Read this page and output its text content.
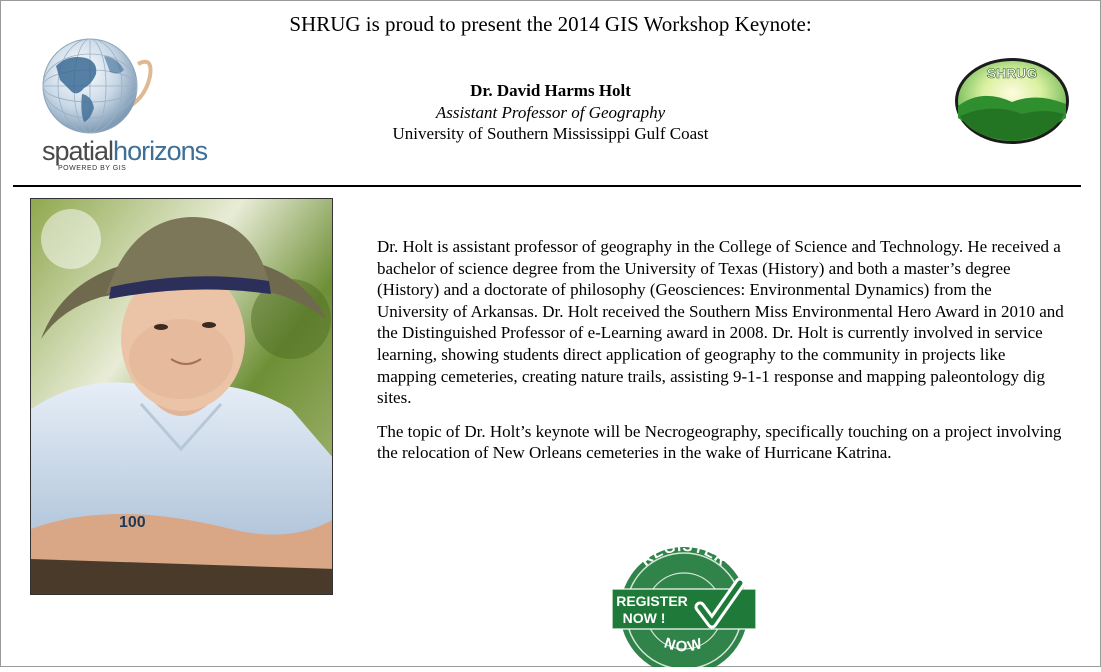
SHRUG is proud to present the 2014 GIS Workshop Keynote:
spatialhorizons
POWERED BY GIS
SHRUG
Dr. David Harms Holt
Assistant Professor of Geography
University of Southern Mississippi Gulf Coast
100

Dr. Holt is assistant professor of geography in the College of Science and Technology. He received a bachelor of science degree from the University of Texas (History) and both a master’s degree (History) and a doctorate of philosophy (Geosciences: Environmental Dynamics) from the University of Arkansas. Dr. Holt received the Southern Miss Environmental Hero Award in 2010 and the Distinguished Professor of e-Learning award in 2008. Dr. Holt is currently involved in service learning, showing students direct application of geography to the community in projects like mapping cemeteries, creating nature trails, assisting 9-1-1 response and mapping paleontology dig sites.

The topic of Dr. Holt’s keynote will be Necrogeography, specifically touching on a project involving the relocation of New Orleans cemeteries in the wake of Hurricane Katrina.

REGISTER
REGISTER
NOW !
NOW
